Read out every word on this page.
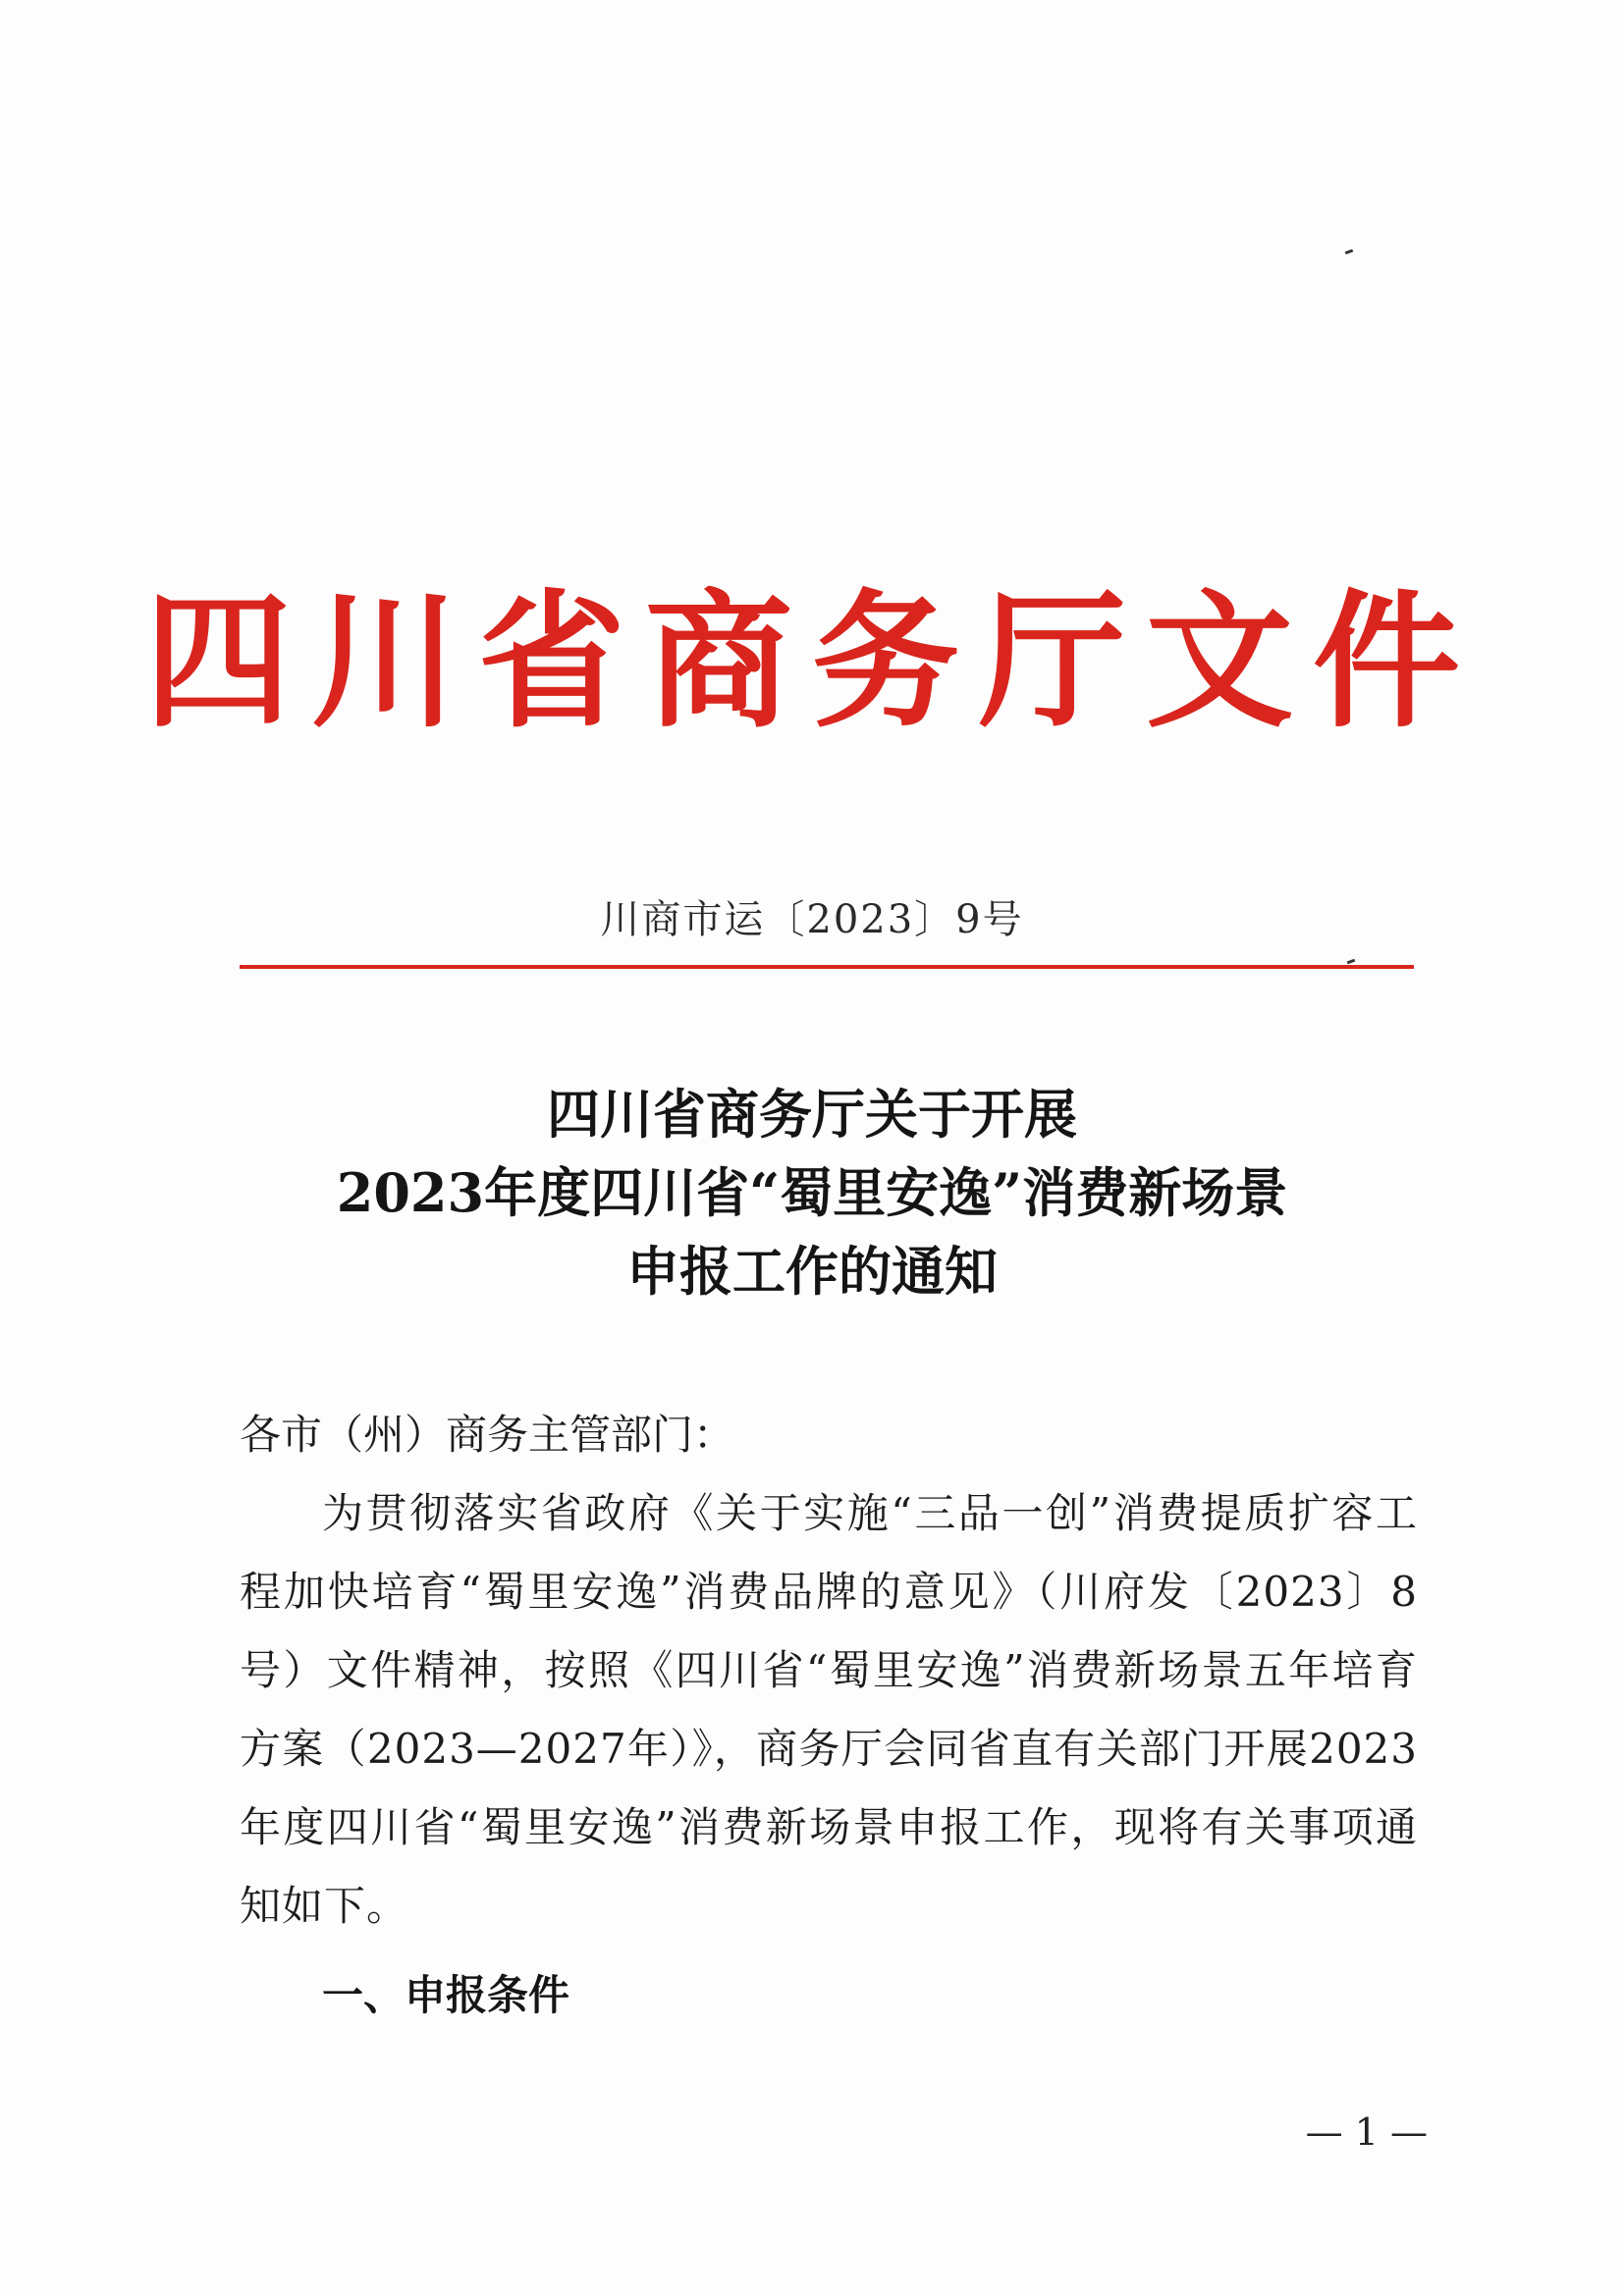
四川省商务厅文件
川商市运〔2023〕9号
四川省商务厅关于开展
2023年度四川省“蜀里安逸”消费新场景
申报工作的通知
各市（州）商务主管部门：
为贯彻落实省政府《关于实施“三品一创”消费提质扩容工程加快培育“蜀里安逸”消费品牌的意见》（川府发〔2023〕8号）文件精神，按照《四川省“蜀里安逸”消费新场景五年培育方案（2023—2027年）》，商务厅会同省直有关部门开展2023年度四川省“蜀里安逸”消费新场景申报工作，现将有关事项通知如下。
一、申报条件
— 1 —
